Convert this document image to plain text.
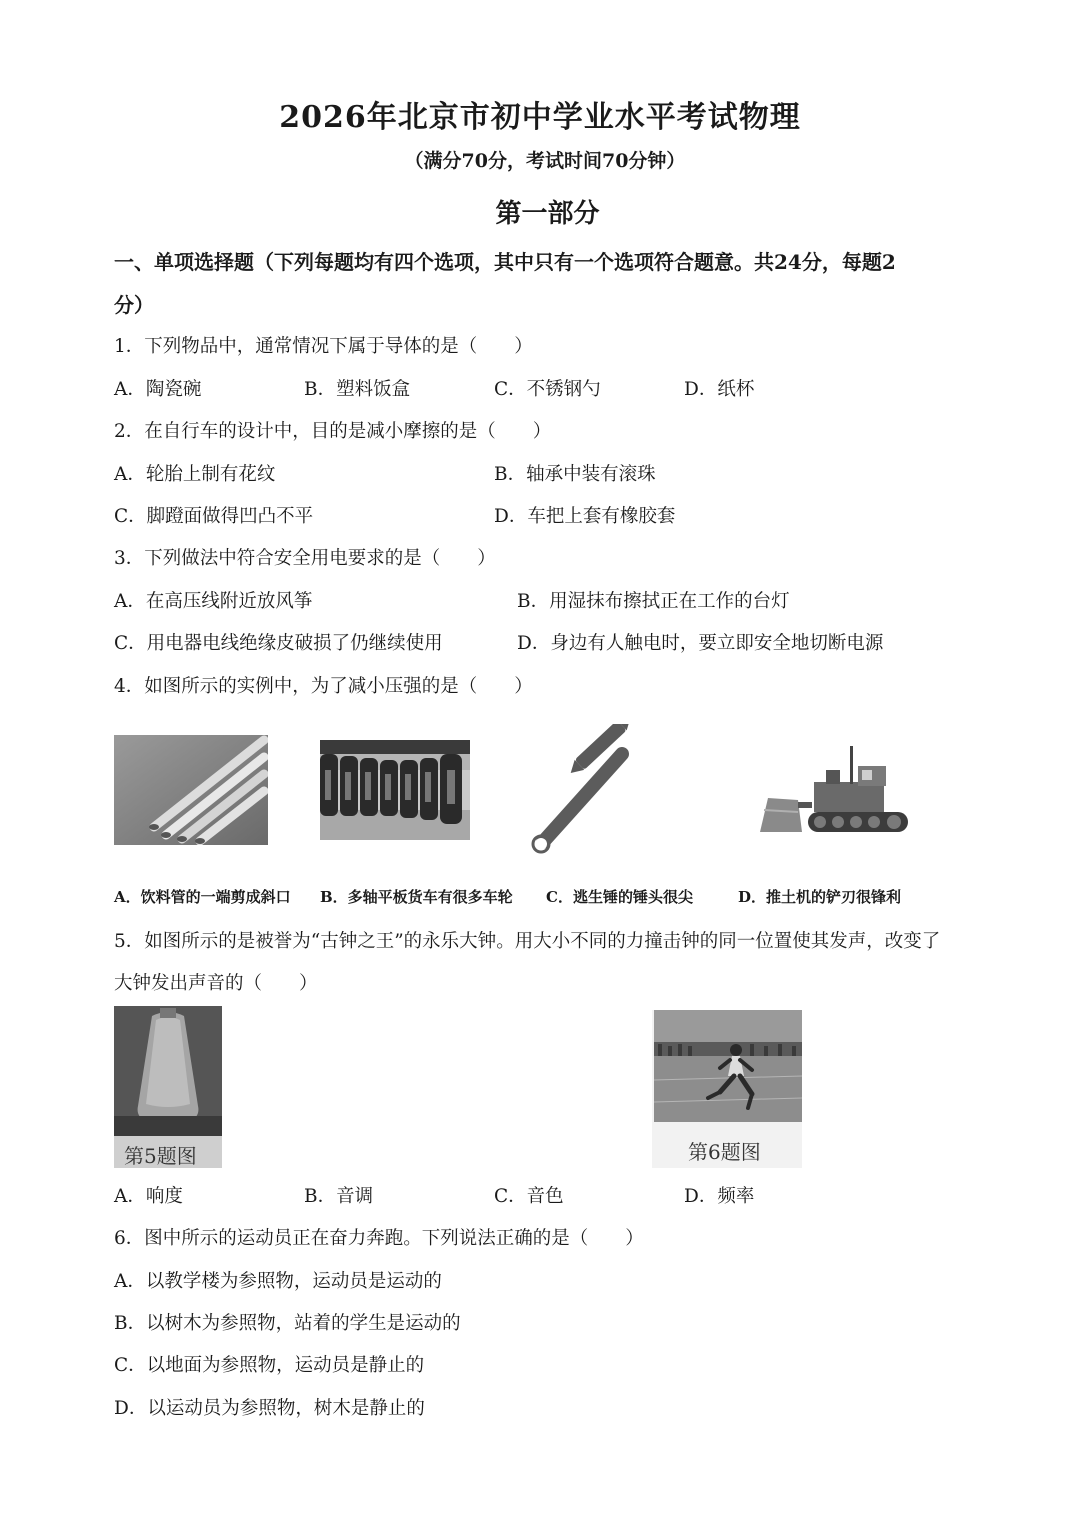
2026年北京市初中学业水平考试物理
（满分70分，考试时间70分钟）
第一部分
一、单项选择题（下列每题均有四个选项，其中只有一个选项符合题意。共24分，每题2
分）
1．下列物品中，通常情况下属于导体的是（　　）
A．陶瓷碗	B．塑料饭盒	C．不锈钢勺	D．纸杯
2．在自行车的设计中，目的是减小摩擦的是（　　）
A．轮胎上制有花纹	B．轴承中装有滚珠
C．脚蹬面做得凹凸不平	D．车把上套有橡胶套
3．下列做法中符合安全用电要求的是（　　）
A．在高压线附近放风筝	B．用湿抹布擦拭正在工作的台灯
C．用电器电线绝缘皮破损了仍继续使用	D．身边有人触电时，要立即安全地切断电源
4．如图所示的实例中，为了减小压强的是（　　）
A．饮料管的一端剪成斜口 B．多轴平板货车有很多车轮 C．逃生锤的锤头很尖	D．推土机的铲刃很锋利
5．如图所示的是被誉为“古钟之王”的永乐大钟。用大小不同的力撞击钟的同一位置使其发声，改变了
大钟发出声音的（　　）
第5题图	第6题图
A．响度	B．音调	C．音色	D．频率
6．图中所示的运动员正在奋力奔跑。下列说法正确的是（　　）
A．以教学楼为参照物，运动员是运动的
B．以树木为参照物，站着的学生是运动的
C．以地面为参照物，运动员是静止的
D．以运动员为参照物，树木是静止的
